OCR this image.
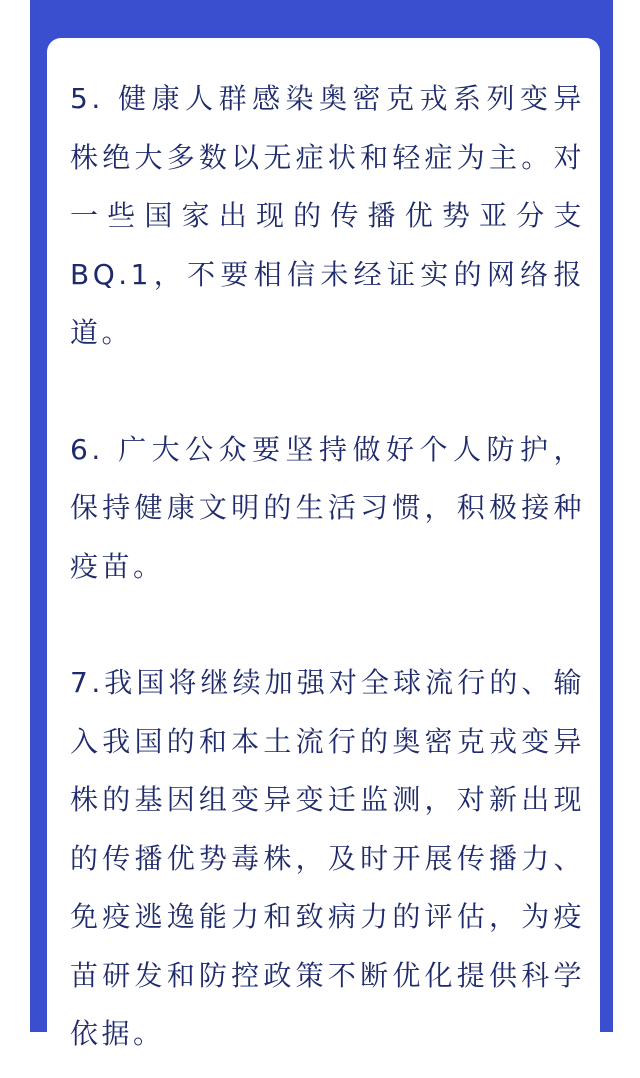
5. 健康人群感染奥密克戎系列变异株绝大多数以无症状和轻症为主。对一些国家出现的传播优势亚分支BQ.1，不要相信未经证实的网络报道。

6. 广大公众要坚持做好个人防护，保持健康文明的生活习惯，积极接种疫苗。

7.我国将继续加强对全球流行的、输入我国的和本土流行的奥密克戎变异株的基因组变异变迁监测，对新出现的传播优势毒株，及时开展传播力、免疫逃逸能力和致病力的评估，为疫苗研发和防控政策不断优化提供科学依据。
